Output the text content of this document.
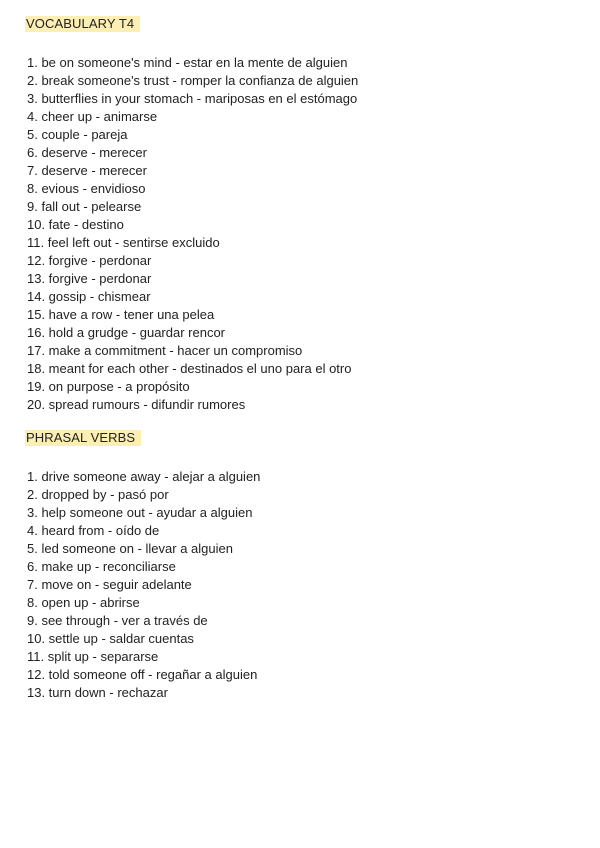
VOCABULARY T4
1. be on someone's mind - estar en la mente de alguien
2. break someone's trust - romper la confianza de alguien
3. butterflies in your stomach - mariposas en el estómago
4. cheer up - animarse
5. couple - pareja
6. deserve - merecer
7. deserve - merecer
8. evious - envidioso
9. fall out - pelearse
10. fate - destino
11. feel left out - sentirse excluido
12. forgive - perdonar
13. forgive - perdonar
14. gossip - chismear
15. have a row - tener una pelea
16. hold a grudge - guardar rencor
17. make a commitment - hacer un compromiso
18. meant for each other - destinados el uno para el otro
19. on purpose - a propósito
20. spread rumours - difundir rumores
PHRASAL VERBS
1. drive someone away - alejar a alguien
2. dropped by - pasó por
3. help someone out - ayudar a alguien
4. heard from - oído de
5. led someone on - llevar a alguien
6. make up - reconciliarse
7. move on - seguir adelante
8. open up - abrirse
9. see through - ver a través de
10. settle up - saldar cuentas
11. split up - separarse
12. told someone off - regañar a alguien
13. turn down - rechazar
